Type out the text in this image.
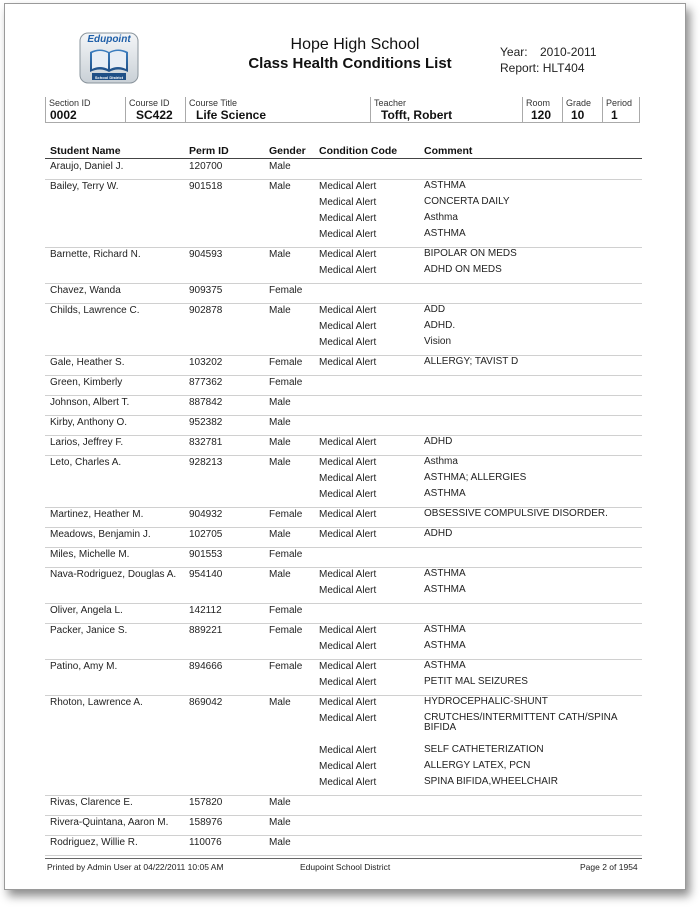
Edupoint
School District
Hope High School
Class Health Conditions List
Year: 2010-2011
Report: HLT404
Section ID
0002
Course ID
SC422
Course Title
Life Science
Teacher
Tofft, Robert
Room
120
Grade
10
Period
1
Student Name	Perm ID	Gender Condition Code	Comment
Araujo, Daniel J.	120700	Male
Bailey, Terry W.	901518	Male	Medical Alert	ASTHMA
Medical Alert	CONCERTA DAILY
Medical Alert	Asthma
Medical Alert	ASTHMA
Barnette, Richard N.	904593	Male	Medical Alert	BIPOLAR ON MEDS
Medical Alert	ADHD ON MEDS
Chavez, Wanda	909375	Female
Childs, Lawrence C.	902878	Male	Medical Alert	ADD
Medical Alert	ADHD.
Medical Alert	Vision
Gale, Heather S.	103202	Female Medical Alert	ALLERGY; TAVIST D
Green, Kimberly	877362	Female
Johnson, Albert T.	887842	Male
Kirby, Anthony O.	952382	Male
Larios, Jeffrey F.	832781	Male	Medical Alert	ADHD
Leto, Charles A.	928213	Male	Medical Alert	Asthma
Medical Alert	ASTHMA; ALLERGIES
Medical Alert	ASTHMA
Martinez, Heather M.	904932	Female Medical Alert	OBSESSIVE COMPULSIVE DISORDER.
Meadows, Benjamin J.	102705	Male	Medical Alert	ADHD
Miles, Michelle M.	901553	Female
Nava-Rodriguez, Douglas A. 954140	Male	Medical Alert	ASTHMA
Medical Alert	ASTHMA
Oliver, Angela L.	142112	Female
Packer, Janice S.	889221	Female Medical Alert	ASTHMA
Medical Alert	ASTHMA
Patino, Amy M.	894666	Female Medical Alert	ASTHMA
Medical Alert	PETIT MAL SEIZURES
Rhoton, Lawrence A.	869042	Male	Medical Alert	HYDROCEPHALIC-SHUNT
Medical Alert	CRUTCHES/INTERMITTENT CATH/SPINA
BIFIDA
Medical Alert	SELF CATHETERIZATION
Medical Alert	ALLERGY LATEX, PCN
Medical Alert	SPINA BIFIDA,WHEELCHAIR
Rivas, Clarence E.	157820	Male
Rivera-Quintana, Aaron M. 158976	Male
Rodriguez, Willie R.	110076	Male
Printed by Admin User at 04/22/2011 10:05 AM	Edupoint School District	Page 2 of 1954
